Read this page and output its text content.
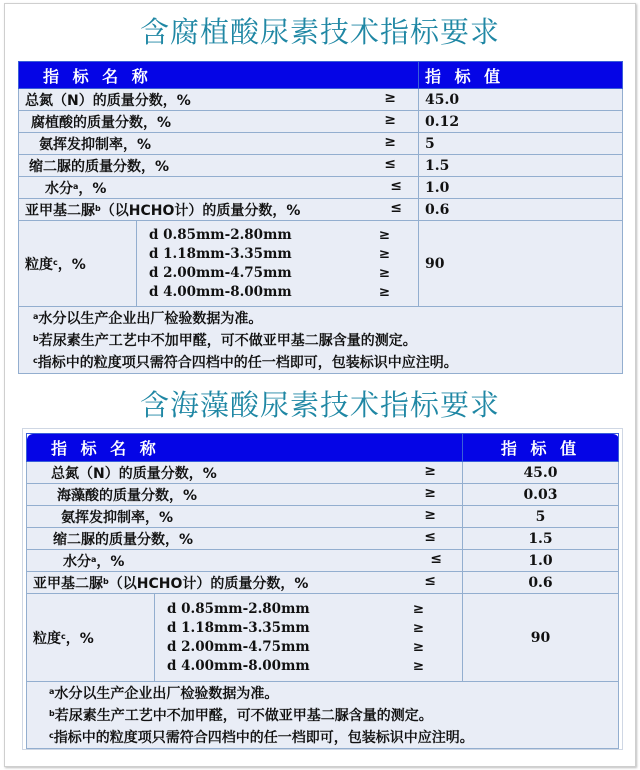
含腐植酸尿素技术指标要求
指 标 名 称		指 标 值

总氮（N）的质量分数，% ≥		45.0

腐植酸的质量分数，% ≥		0.12

氨挥发抑制率，% ≥		5

缩二脲的质量分数，% ≤		1.5

水分$^a$，% ≤		1.0

亚甲基二脲$^b$（以HCHO计）的质量分数，% ≤		0.6
粒度$^c$，%	
d 0.85mm-2.80mm	≥
d 1.18mm-3.35mm	≥
d 2.00mm-4.75mm	≥
d 4.00mm-8.00mm	≥
	90

$^a$水分以生产企业出厂检验数据为准。
$^b$若尿素生产工艺中不加甲醛，可不做亚甲基二脲含量的测定。
$^c$指标中的粒度项只需符合四档中的任一档即可，包装标识中应注明。		
含海藻酸尿素技术指标要求
指 标 名 称		指 标 值

总氮（N）的质量分数，% ≥		45.0

海藻酸的质量分数，% ≥		0.03

氨挥发抑制率，% ≥		5

缩二脲的质量分数，% ≤		1.5

水分$^a$，% ≤		1.0

亚甲基二脲$^b$（以HCHO计）的质量分数，% ≤		0.6
粒度$^c$，%	
d 0.85mm-2.80mm	≥
d 1.18mm-3.35mm	≥
d 2.00mm-4.75mm	≥
d 4.00mm-8.00mm	≥
	90

$^a$水分以生产企业出厂检验数据为准。
$^b$若尿素生产工艺中不加甲醛，可不做亚甲基二脲含量的测定。
$^c$指标中的粒度项只需符合四档中的任一档即可，包装标识中应注明。		
